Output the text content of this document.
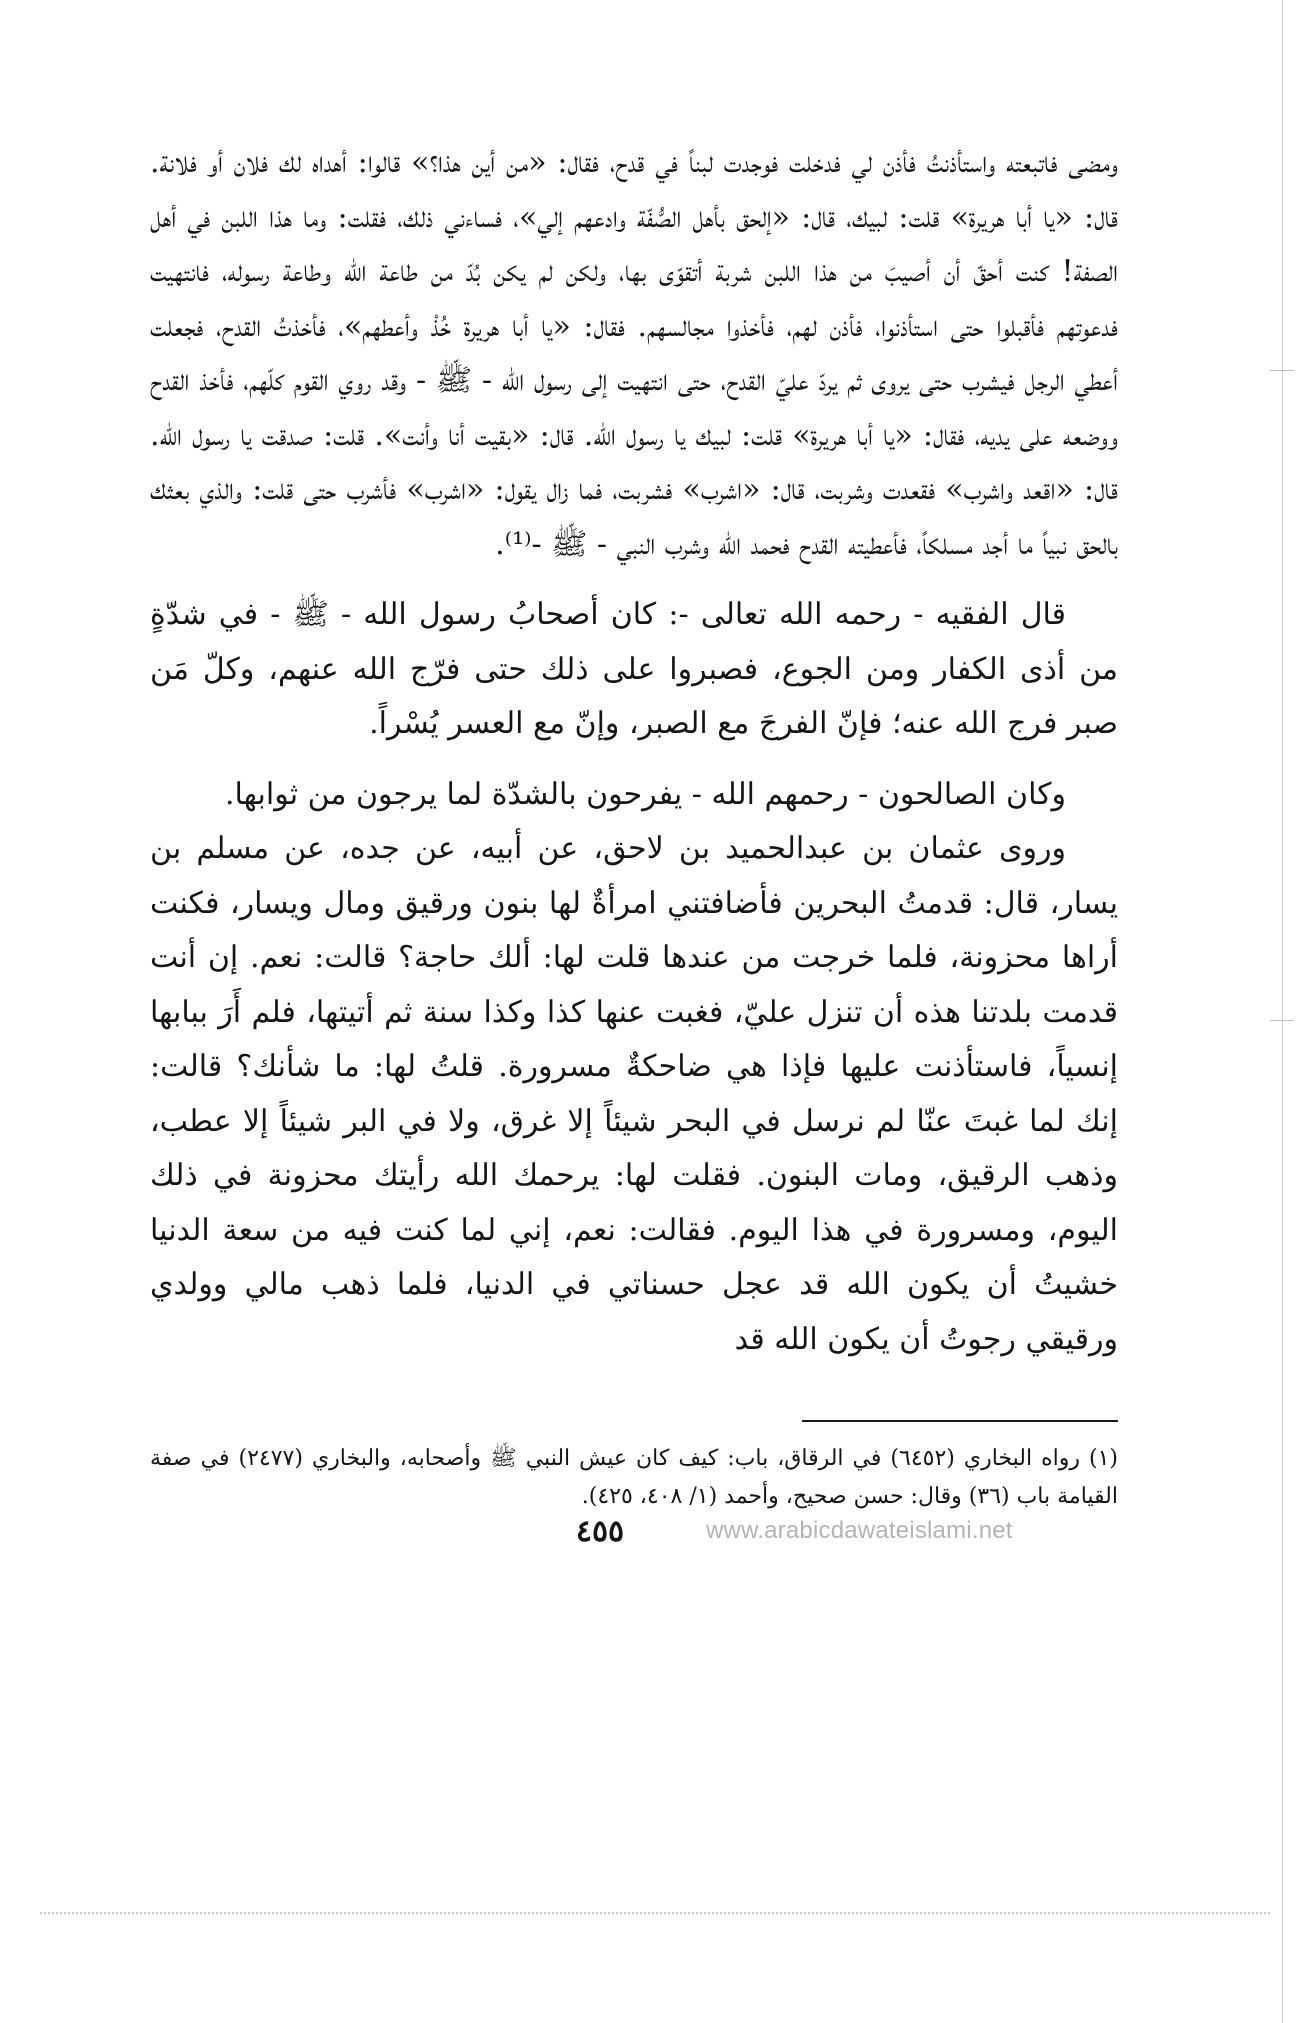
ومضى فاتبعته واستأذنتُ فأذن لي فدخلت فوجدت لبناً في قدح، فقال: «من أين هذا؟» قالوا: أهداه لك فلان أو فلانة. قال: «يا أبا هريرة» قلت: لبيك، قال: «إلحق بأهل الصُّفّة وادعهم إلي»، فساءني ذلك، فقلت: وما هذا اللبن في أهل الصفة! كنت أحقّ أن أصيبَ من هذا اللبن شربة أتقوّى بها، ولكن لم يكن بُدّ من طاعة الله وطاعة رسوله، فانتهيت فدعوتهم فأقبلوا حتى استأذنوا، فأذن لهم، فأخذوا مجالسهم. فقال: «يا أبا هريرة خُذْ وأعطهم»، فأخذتُ القدح، فجعلت أعطي الرجل فيشرب حتى يروى ثم يردّ عليّ القدح، حتى انتهيت إلى رسول الله - ﷺ - وقد روي القوم كلّهم، فأخذ القدح ووضعه على يديه، فقال: «يا أبا هريرة» قلت: لبيك يا رسول الله. قال: «بقيت أنا وأنت». قلت: صدقت يا رسول الله. قال: «اقعد واشرب» فقعدت وشربت، قال: «اشرب» فشربت، فما زال يقول: «اشرب» فأشرب حتى قلت: والذي بعثك بالحق نبياً ما أجد مسلكاً، فأعطيته القدح فحمد الله وشرب النبي - ﷺ -⁽¹⁾.

قال الفقيه - رحمه الله تعالى -: كان أصحابُ رسول الله - ﷺ - في شدّةٍ من أذى الكفار ومن الجوع، فصبروا على ذلك حتى فرّج الله عنهم، وكلّ مَن صبر فرج الله عنه؛ فإنّ الفرجَ مع الصبر، وإنّ مع العسر يُسْراً.

وكان الصالحون - رحمهم الله - يفرحون بالشدّة لما يرجون من ثوابها.

وروى عثمان بن عبدالحميد بن لاحق، عن أبيه، عن جده، عن مسلم بن يسار، قال: قدمتُ البحرين فأضافتني امرأةٌ لها بنون ورقيق ومال ويسار، فكنت أراها محزونة، فلما خرجت من عندها قلت لها: ألك حاجة؟ قالت: نعم. إن أنت قدمت بلدتنا هذه أن تنزل عليّ، فغبت عنها كذا وكذا سنة ثم أتيتها، فلم أَرَ ببابها إنسياً، فاستأذنت عليها فإذا هي ضاحكةٌ مسرورة. قلتُ لها: ما شأنك؟ قالت: إنك لما غبتَ عنّا لم نرسل في البحر شيئاً إلا غرق، ولا في البر شيئاً إلا عطب، وذهب الرقيق، ومات البنون. فقلت لها: يرحمك الله رأيتك محزونة في ذلك اليوم، ومسرورة في هذا اليوم. فقالت: نعم، إني لما كنت فيه من سعة الدنيا خشيتُ أن يكون الله قد عجل حسناتي في الدنيا، فلما ذهب مالي وولدي ورقيقي رجوتُ أن يكون الله قد

(١) رواه البخاري (٦٤٥٢) في الرقاق، باب: كيف كان عيش النبي ﷺ وأصحابه، والبخاري (٢٤٧٧) في صفة القيامة باب (٣٦) وقال: حسن صحيح، وأحمد (١/ ٤٠٨، ٤٢٥).

٤٥٥	www.arabicdawateislami.net
